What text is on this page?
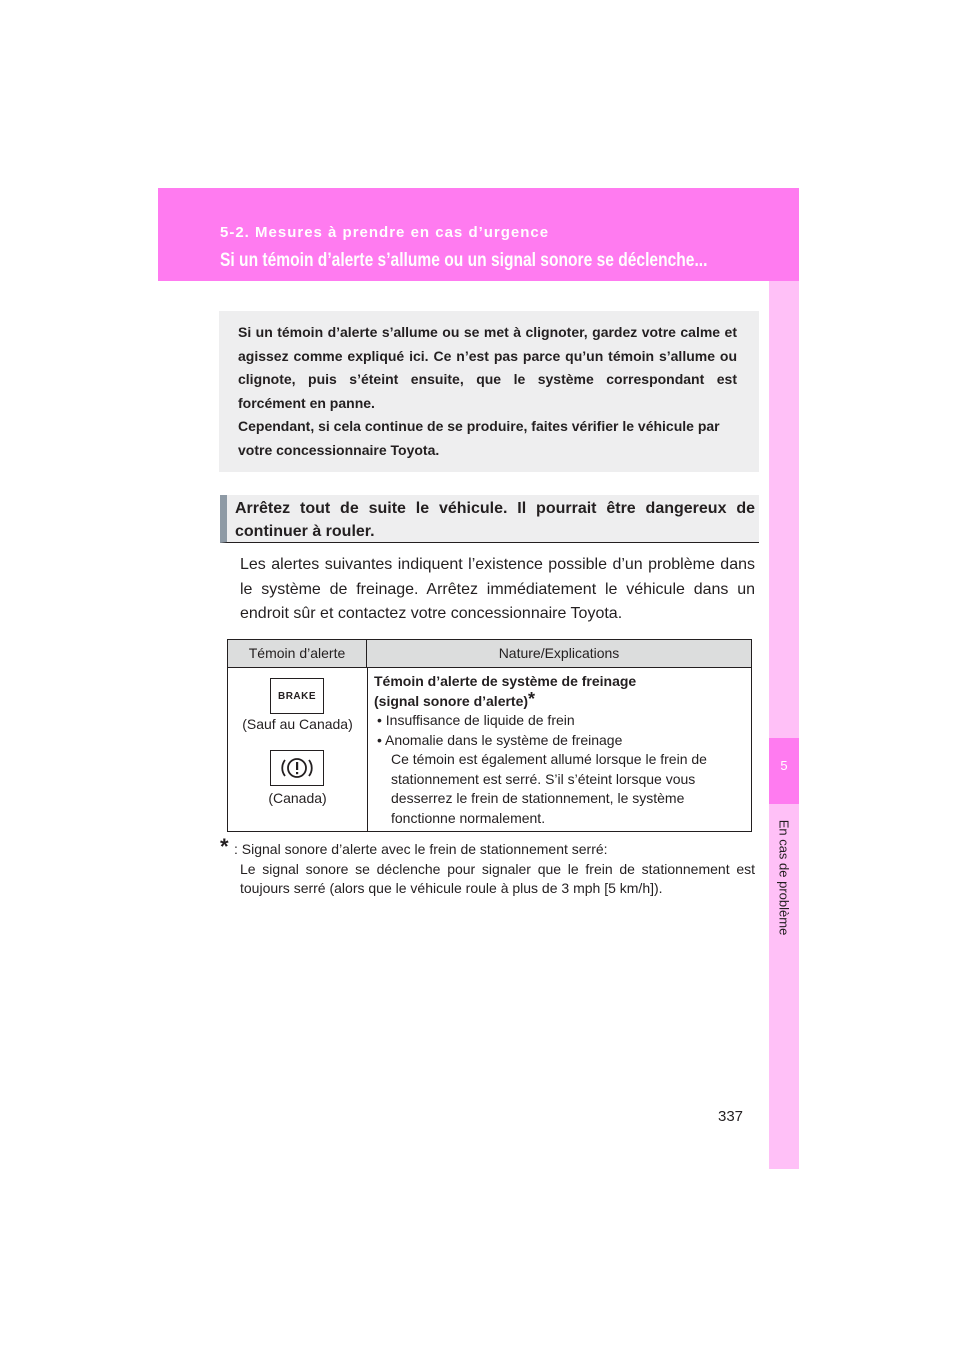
5-2. Mesures à prendre en cas d’urgence

Si un témoin d’alerte s’allume ou un signal sonore se déclenche...
5
En cas de problème

Si un témoin d’alerte s’allume ou se met à clignoter, gardez votre calme et agissez comme expliqué ici. Ce n’est pas parce qu’un témoin s’allume ou clignote, puis s’éteint ensuite, que le système correspondant est forcément en panne.

Cependant, si cela continue de se produire, faites vérifier le véhicule par votre concessionnaire Toyota.

Arrêtez tout de suite le véhicule. Il pourrait être dangereux de continuer à rouler.

Les alertes suivantes indiquent l’existence possible d’un problème dans le système de freinage. Arrêtez immédiatement le véhicule dans un endroit sûr et contactez votre concessionnaire Toyota.

Témoin d’alerte	Nature/Explications
BRAKE
(Sauf au Canada)
(Canada)

Témoin d’alerte de système de freinage

(signal sonore d’alerte)*

• Insuffisance de liquide de frein

• Anomalie dans le système de freinage

Ce témoin est également allumé lorsque le frein de stationnement est serré. S’il s’éteint lorsque vous desserrez le frein de stationnement, le système fonctionne normalement.

* : Signal sonore d’alerte avec le frein de stationnement serré:

Le signal sonore se déclenche pour signaler que le frein de stationnement est toujours serré (alors que le véhicule roule à plus de 3 mph [5 km/h]).

337
